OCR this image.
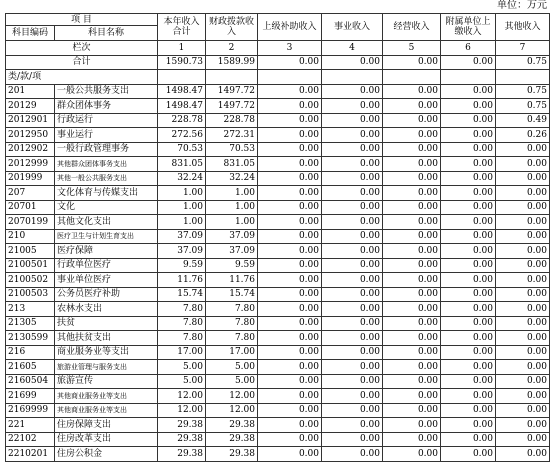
单位：万元
项 目		本年收入合计	财政拨款收入	上级补助收入	事业收入	经营收入	附属单位上缴收入	其他收入
科目编码	科目名称							
栏次		1	2	3	4	5	6	7
合计		1590.73	1589.99	0.00	0.00	0.00	0.00	0.75
类/款/项								
201	一般公共服务支出	1498.47	1497.72	0.00	0.00	0.00	0.00	0.75
20129	群众团体事务	1498.47	1497.72	0.00	0.00	0.00	0.00	0.75
2012901	行政运行	228.78	228.78	0.00	0.00	0.00	0.00	0.49
2012950	事业运行	272.56	272.31	0.00	0.00	0.00	0.00	0.26
2012902	一般行政管理事务	70.53	70.53	0.00	0.00	0.00	0.00	0.00
2012999	其他群众团体事务支出	831.05	831.05	0.00	0.00	0.00	0.00	0.00
201999	其他一般公共服务支出	32.24	32.24	0.00	0.00	0.00	0.00	0.00
207	文化体育与传媒支出	1.00	1.00	0.00	0.00	0.00	0.00	0.00
20701	文化	1.00	1.00	0.00	0.00	0.00	0.00	0.00
2070199	其他文化支出	1.00	1.00	0.00	0.00	0.00	0.00	0.00
210	医疗卫生与计划生育支出	37.09	37.09	0.00	0.00	0.00	0.00	0.00
21005	医疗保障	37.09	37.09	0.00	0.00	0.00	0.00	0.00
2100501	行政单位医疗	9.59	9.59	0.00	0.00	0.00	0.00	0.00
2100502	事业单位医疗	11.76	11.76	0.00	0.00	0.00	0.00	0.00
2100503	公务员医疗补助	15.74	15.74	0.00	0.00	0.00	0.00	0.00
213	农林水支出	7.80	7.80	0.00	0.00	0.00	0.00	0.00
21305	扶贫	7.80	7.80	0.00	0.00	0.00	0.00	0.00
2130599	其他扶贫支出	7.80	7.80	0.00	0.00	0.00	0.00	0.00
216	商业服务业等支出	17.00	17.00	0.00	0.00	0.00	0.00	0.00
21605	旅游业管理与服务支出	5.00	5.00	0.00	0.00	0.00	0.00	0.00
2160504	旅游宣传	5.00	5.00	0.00	0.00	0.00	0.00	0.00
21699	其他商业服务业等支出	12.00	12.00	0.00	0.00	0.00	0.00	0.00
2169999	其他商业服务业等支出	12.00	12.00	0.00	0.00	0.00	0.00	0.00
221	住房保障支出	29.38	29.38	0.00	0.00	0.00	0.00	0.00
22102	住房改革支出	29.38	29.38	0.00	0.00	0.00	0.00	0.00
2210201	住房公积金	29.38	29.38	0.00	0.00	0.00	0.00	0.00
